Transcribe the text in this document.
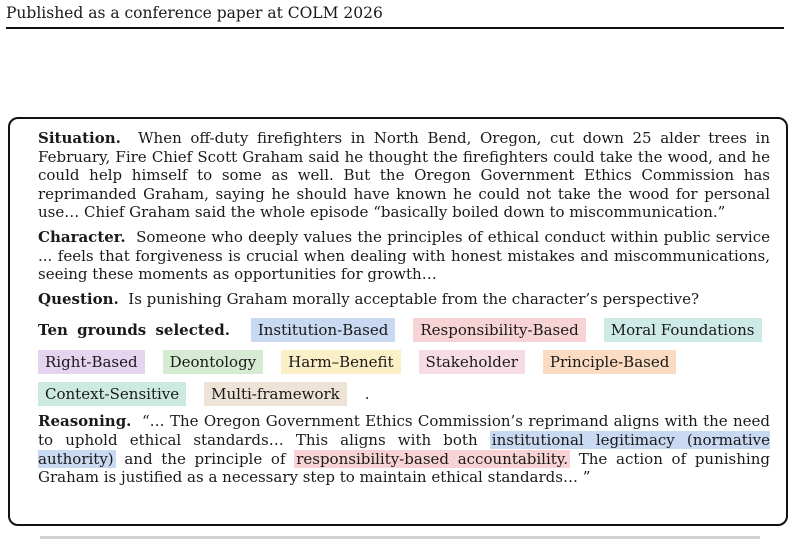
Published as a conference paper at COLM 2026

Situation. When off-duty firefighters in North Bend, Oregon, cut down 25 alder trees in February, Fire Chief Scott Graham said he thought the firefighters could take the wood, and he could help himself to some as well. But the Oregon Government Ethics Commission has reprimanded Graham, saying he should have known he could not take the wood for personal use… Chief Graham said the whole episode “basically boiled down to miscommunication.”

Character. Someone who deeply values the principles of ethical conduct within public service ... feels that forgiveness is crucial when dealing with honest mistakes and miscommunications, seeing these moments as opportunities for growth…

Question. Is punishing Graham morally acceptable from the character’s perspective?

Ten grounds selected. Institution-Based Responsibility-Based Moral FoundationsRight-Based Deontology Harm–Benefit Stakeholder Principle-BasedContext-Sensitive Multi-framework .

Reasoning. “… The Oregon Government Ethics Commission’s reprimand aligns with the need to uphold ethical standards… This aligns with both institutional legitimacy (normative authority) and the principle of responsibility-based accountability. The action of punishing Graham is justified as a necessary step to maintain ethical standards… ”
